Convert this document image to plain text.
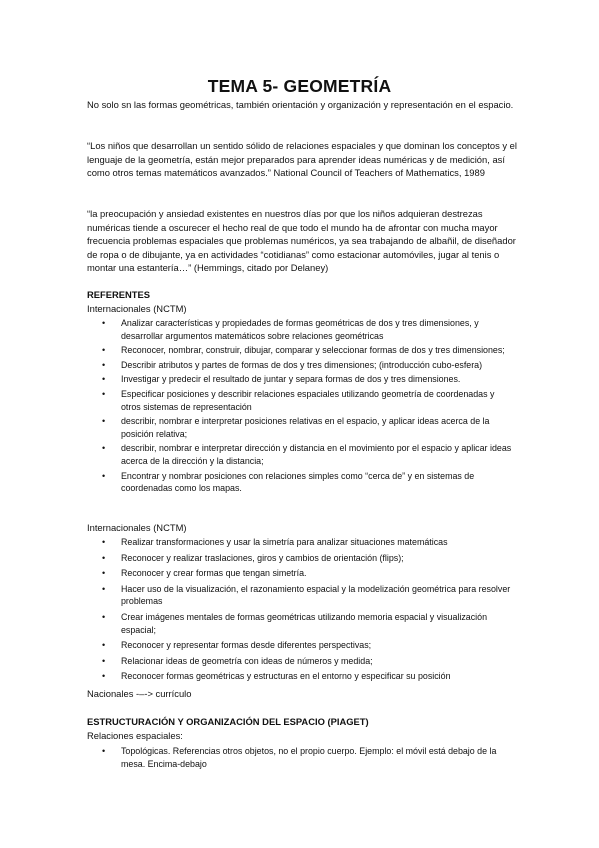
TEMA 5- GEOMETRÍA
No solo sn las formas geométricas, también orientación y organización y representación en el espacio.
“Los niños que desarrollan un sentido sólido de relaciones espaciales y que dominan los conceptos y el lenguaje de la geometría, están mejor preparados para aprender ideas numéricas y de medición, así como otros temas matemáticos avanzados.” National Council of Teachers of Mathematics, 1989
“la preocupación y ansiedad existentes en nuestros días por que los niños adquieran destrezas numéricas tiende a oscurecer el hecho real de que todo el mundo ha de afrontar con mucha mayor frecuencia problemas espaciales que problemas numéricos, ya sea trabajando de albañil, de diseñador de ropa o de dibujante, ya en actividades “cotidianas” como estacionar automóviles, jugar al tenis o montar una estantería…” (Hemmings, citado por Delaney)
REFERENTES
Internacionales (NCTM)
• Analizar características y propiedades de formas geométricas de dos y tres dimensiones, y desarrollar argumentos matemáticos sobre relaciones geométricas
• Reconocer, nombrar, construir, dibujar, comparar y seleccionar formas de dos y tres dimensiones;
• Describir atributos y partes de formas de dos y tres dimensiones; (introducción cubo-esfera)
• Investigar y predecir el resultado de juntar y separa formas de dos y tres dimensiones.
• Especificar posiciones y describir relaciones espaciales utilizando geometría de coordenadas y otros sistemas de representación
• describir, nombrar e interpretar posiciones relativas en el espacio, y aplicar ideas acerca de la posición relativa;
• describir, nombrar e interpretar dirección y distancia en el movimiento por el espacio y aplicar ideas acerca de la dirección y la distancia;
• Encontrar y nombrar posiciones con relaciones simples como “cerca de” y en sistemas de coordenadas como los mapas.
Internacionales (NCTM)
• Realizar transformaciones y usar la simetría para analizar situaciones matemáticas
• Reconocer y realizar traslaciones, giros y cambios de orientación (flips);
• Reconocer y crear formas que tengan simetría.
• Hacer uso de la visualización, el razonamiento espacial y la modelización geométrica para resolver problemas
• Crear imágenes mentales de formas geométricas utilizando memoria espacial y visualización espacial;
• Reconocer y representar formas desde diferentes perspectivas;
• Relacionar ideas de geometría con ideas de números y medida;
• Reconocer formas geométricas y estructuras en el entorno y especificar su posición
Nacionales -–-> currículo
ESTRUCTURACIÓN Y ORGANIZACIÓN DEL ESPACIO (PIAGET)
Relaciones espaciales:
• Topológicas. Referencias otros objetos, no el propio cuerpo. Ejemplo: el móvil está debajo de la mesa. Encima-debajo
